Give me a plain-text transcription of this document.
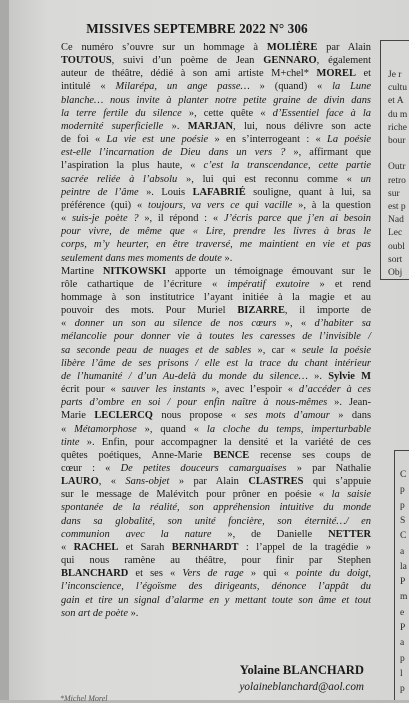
MISSIVES SEPTEMBRE 2022 N° 306
Ce numéro s’ouvre sur un hommage à MOLIÈRE par Alain
TOUTOUS, suivi d’un poème de Jean GENNARO, également
auteur de théâtre, dédié à son ami artiste M+chel* MOREL et
intitulé « Milarépa, un ange passe… » (quand) « la Lune
blanche… nous invite à planter notre petite graine de divin dans
la terre fertile du silence », cette quête « d’Essentiel face à la
modernité superficielle ». MARJAN, lui, nous délivre son acte
de foi « La vie est une poésie » en s’interrogeant : « La poésie
est-elle l’incarnation de Dieu dans un vers ? », affirmant que
l’aspiration la plus haute, « c’est la transcendance, cette partie
sacrée reliée à l’absolu », lui qui est reconnu comme « un
peintre de l’âme ». Louis LAFABRIÉ souligne, quant à lui, sa
préférence (qui) « toujours, va vers ce qui vacille », à la question
« suis-je poète ? », il répond : « J’écris parce que j’en ai besoin
pour vivre, de même que « Lire, prendre les livres à bras le
corps, m’y heurter, en être traversé, me maintient en vie et pas
seulement dans mes moments de doute ».
Martine NITKOWSKI apporte un témoignage émouvant sur le
rôle cathartique de l’écriture « impératif exutoire » et rend
hommage à son institutrice l’ayant initiée à la magie et au
pouvoir des mots. Pour Muriel BIZARRE, il importe de
« donner un son au silence de nos cœurs », « d’habiter sa
mélancolie pour donner vie à toutes les caresses de l’invisible /
sa seconde peau de nuages et de sables », car « seule la poésie
libère l’âme de ses prisons / elle est la trace du chant intérieur
de l’humanité / d’un Au-delà du monde du silence… ». Sylvie M
écrit pour « sauver les instants », avec l’espoir « d’accéder à ces
parts d’ombre en soi / pour enfin naître à nous-mêmes ». Jean-
Marie LECLERCQ nous propose « ses mots d’amour » dans
« Métamorphose », quand « la cloche du temps, imperturbable
tinte ». Enfin, pour accompagner la densité et la variété de ces
quêtes poétiques, Anne-Marie BENCE recense ses coups de
cœur : « De petites douceurs camarguaises » par Nathalie
LAURO, « Sans-objet » par Alain CLASTRES qui s’appuie
sur le message de Malévitch pour prôner en poésie « la saisie
spontanée de la réalité, son appréhension intuitive du monde
dans sa globalité, son unité foncière, son éternité…/ en
communion avec la nature », de Danielle NETTER
« RACHEL et Sarah BERNHARDT : l’appel de la tragédie »
qui nous ramène au théâtre, pour finir par Stephen
BLANCHARD et ses « Vers de rage » qui « pointe du doigt,
l’inconscience, l’égoïsme des dirigeants, dénonce l’appât du
gain et tire un signal d’alarme en y mettant toute son âme et tout
son art de poète ».
Yolaine BLANCHARD
yolaineblanchard@aol.com
*Michel Morel
Je r
cultu
et A
du m
riche
bour
Outr
retro
sur
est p
Nad
Lec
oubl
sort
Obj
C
p
p
S
C
a
la
P
m
e
P
a
p
l
p
